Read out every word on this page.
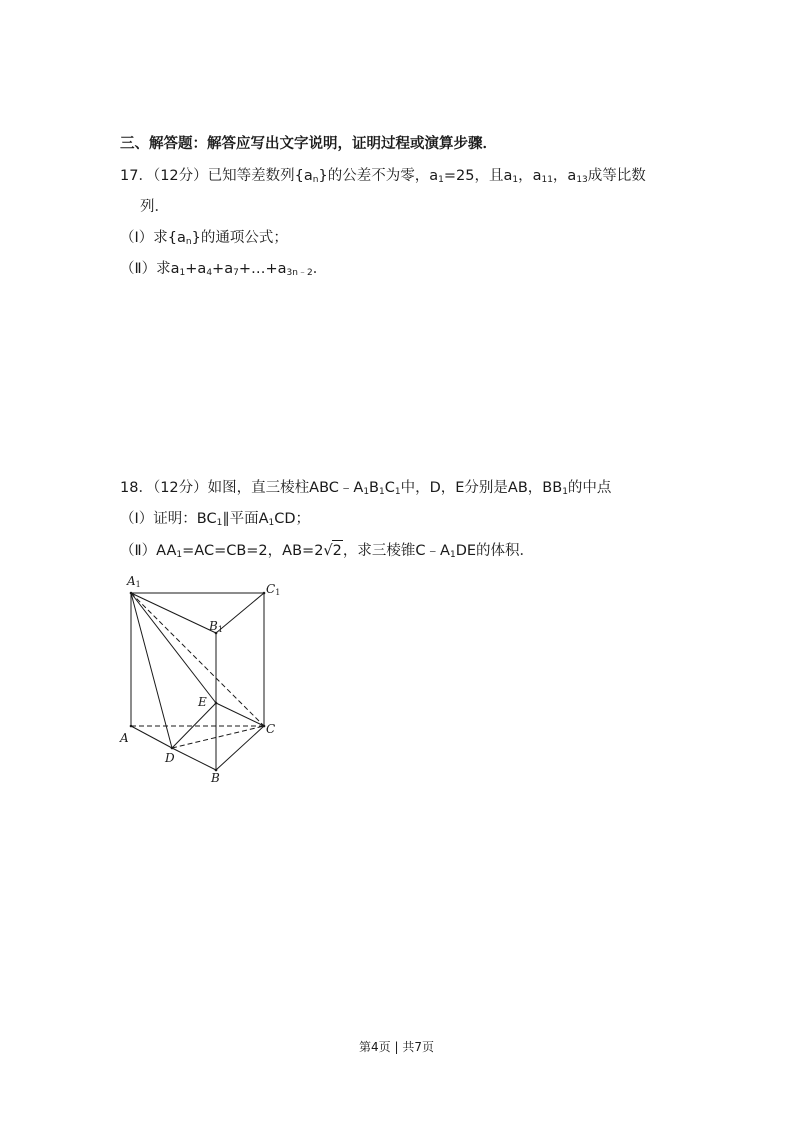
三、解答题：解答应写出文字说明，证明过程或演算步骤．
17．（12分）已知等差数列$\{a_n\}$的公差不为零，$a_1=25$，且$a_1$，$a_{11}$，$a_{13}$成等比数
列．
（Ⅰ）求$\{a_n\}$的通项公式；
（Ⅱ）求$a_1+a_4+a_7+\dots+a_{3n﹣2}$．
18．（12分）如图，直三棱柱$ABC﹣A_1B_1C_1$中，D，E分别是AB，$BB_1$的中点
（Ⅰ）证明：$BC_1\parallel$平面$A_1CD$；
$(Ⅱ)AA_1=AC=CB=2$，AB=2√2，求三棱锥$C﹣A_1DE$的体积．
A1	C1
B1
E
A
C
D
B
第4页 | 共7页
